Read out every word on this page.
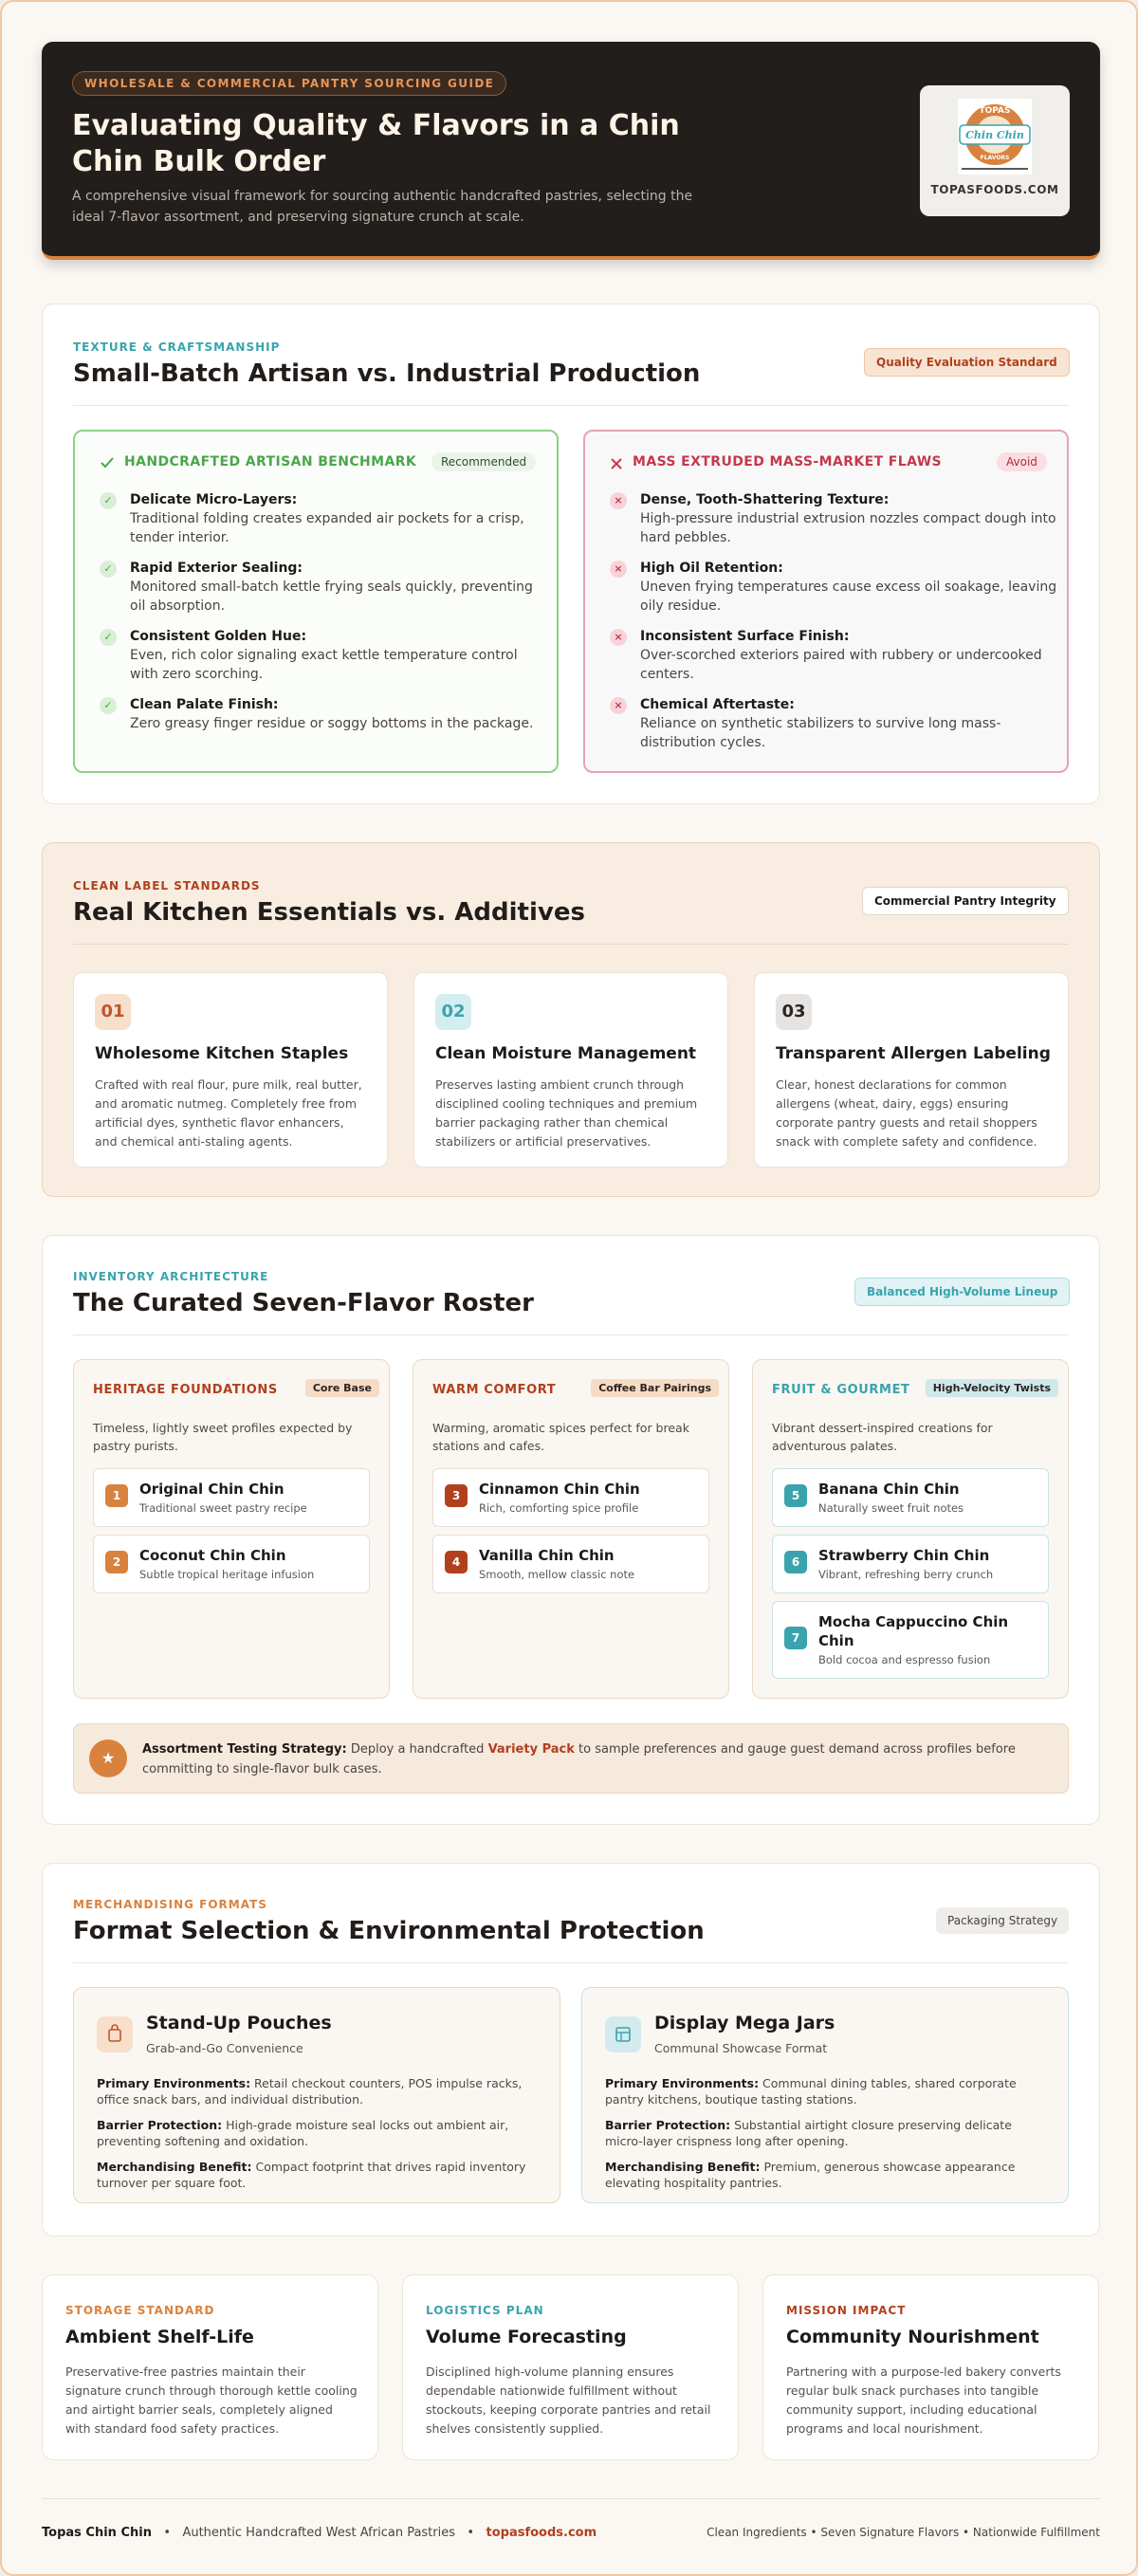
WHOLESALE & COMMERCIAL PANTRY SOURCING GUIDE
Evaluating Quality & Flavors in a Chin Chin Bulk Order
A comprehensive visual framework for sourcing authentic handcrafted pastries, selecting the ideal 7-flavor assortment, and preserving signature crunch at scale.
TOPAS
Chin Chin
FLAVORS
TOPASFOODS.COM
TEXTURE & CRAFTSMANSHIP
Small-Batch Artisan vs. Industrial Production	Quality Evaluation Standard
HANDCRAFTED ARTISAN BENCHMARK	Recommended
✓	Delicate Micro-Layers:
Traditional folding creates expanded air pockets for a crisp, tender interior.
✓	Rapid Exterior Sealing:
Monitored small-batch kettle frying seals quickly, preventing oil absorption.
✓	Consistent Golden Hue:
Even, rich color signaling exact kettle temperature control with zero scorching.
✓	Clean Palate Finish:
Zero greasy finger residue or soggy bottoms in the package.
MASS EXTRUDED MASS-MARKET FLAWS	Avoid
×	Dense, Tooth-Shattering Texture:
High-pressure industrial extrusion nozzles compact dough into hard pebbles.
×	High Oil Retention:
Uneven frying temperatures cause excess oil soakage, leaving oily residue.
×	Inconsistent Surface Finish:
Over-scorched exteriors paired with rubbery or undercooked centers.
×	Chemical Aftertaste:
Reliance on synthetic stabilizers to survive long mass-distribution cycles.
CLEAN LABEL STANDARDS
Real Kitchen Essentials vs. Additives	Commercial Pantry Integrity
01
Wholesome Kitchen Staples
Crafted with real flour, pure milk, real butter, and aromatic nutmeg. Completely free from artificial dyes, synthetic flavor enhancers, and chemical anti-staling agents.
02
Clean Moisture Management
Preserves lasting ambient crunch through disciplined cooling techniques and premium barrier packaging rather than chemical stabilizers or artificial preservatives.
03
Transparent Allergen Labeling
Clear, honest declarations for common allergens (wheat, dairy, eggs) ensuring corporate pantry guests and retail shoppers snack with complete safety and confidence.
INVENTORY ARCHITECTURE
The Curated Seven-Flavor Roster	Balanced High-Volume Lineup
HERITAGE FOUNDATIONS	Core Base
Timeless, lightly sweet profiles expected by pastry purists.
1	Original Chin Chin
Traditional sweet pastry recipe
2	Coconut Chin Chin
Subtle tropical heritage infusion
WARM COMFORT	Coffee Bar Pairings
Warming, aromatic spices perfect for break stations and cafes.
3	Cinnamon Chin Chin
Rich, comforting spice profile
4	Vanilla Chin Chin
Smooth, mellow classic note
FRUIT & GOURMET	High-Velocity Twists
Vibrant dessert-inspired creations for adventurous palates.
5	Banana Chin Chin
Naturally sweet fruit notes
6	Strawberry Chin Chin
Vibrant, refreshing berry crunch
7
Mocha Cappuccino Chin Chin
Bold cocoa and espresso fusion
★	Assortment Testing Strategy: Deploy a handcrafted Variety Pack to sample preferences and gauge guest demand across profiles before committing to single-flavor bulk cases.
MERCHANDISING FORMATS
Format Selection & Environmental Protection	Packaging Strategy
Stand-Up Pouches
Grab-and-Go Convenience
Primary Environments: Retail checkout counters, POS impulse racks, office snack bars, and individual distribution.
Barrier Protection: High-grade moisture seal locks out ambient air, preventing softening and oxidation.
Merchandising Benefit: Compact footprint that drives rapid inventory turnover per square foot.
Display Mega Jars
Communal Showcase Format
Primary Environments: Communal dining tables, shared corporate pantry kitchens, boutique tasting stations.
Barrier Protection: Substantial airtight closure preserving delicate micro-layer crispness long after opening.
Merchandising Benefit: Premium, generous showcase appearance elevating hospitality pantries.
STORAGE STANDARD
Ambient Shelf-Life
Preservative-free pastries maintain their signature crunch through thorough kettle cooling and airtight barrier seals, completely aligned with standard food safety practices.
LOGISTICS PLAN
Volume Forecasting
Disciplined high-volume planning ensures dependable nationwide fulfillment without stockouts, keeping corporate pantries and retail shelves consistently supplied.
MISSION IMPACT
Community Nourishment
Partnering with a purpose-led bakery converts regular bulk snack purchases into tangible community support, including educational programs and local nourishment.
Topas Chin Chin • Authentic Handcrafted West African Pastries • topasfoods.com	Clean Ingredients • Seven Signature Flavors • Nationwide Fulfillment
